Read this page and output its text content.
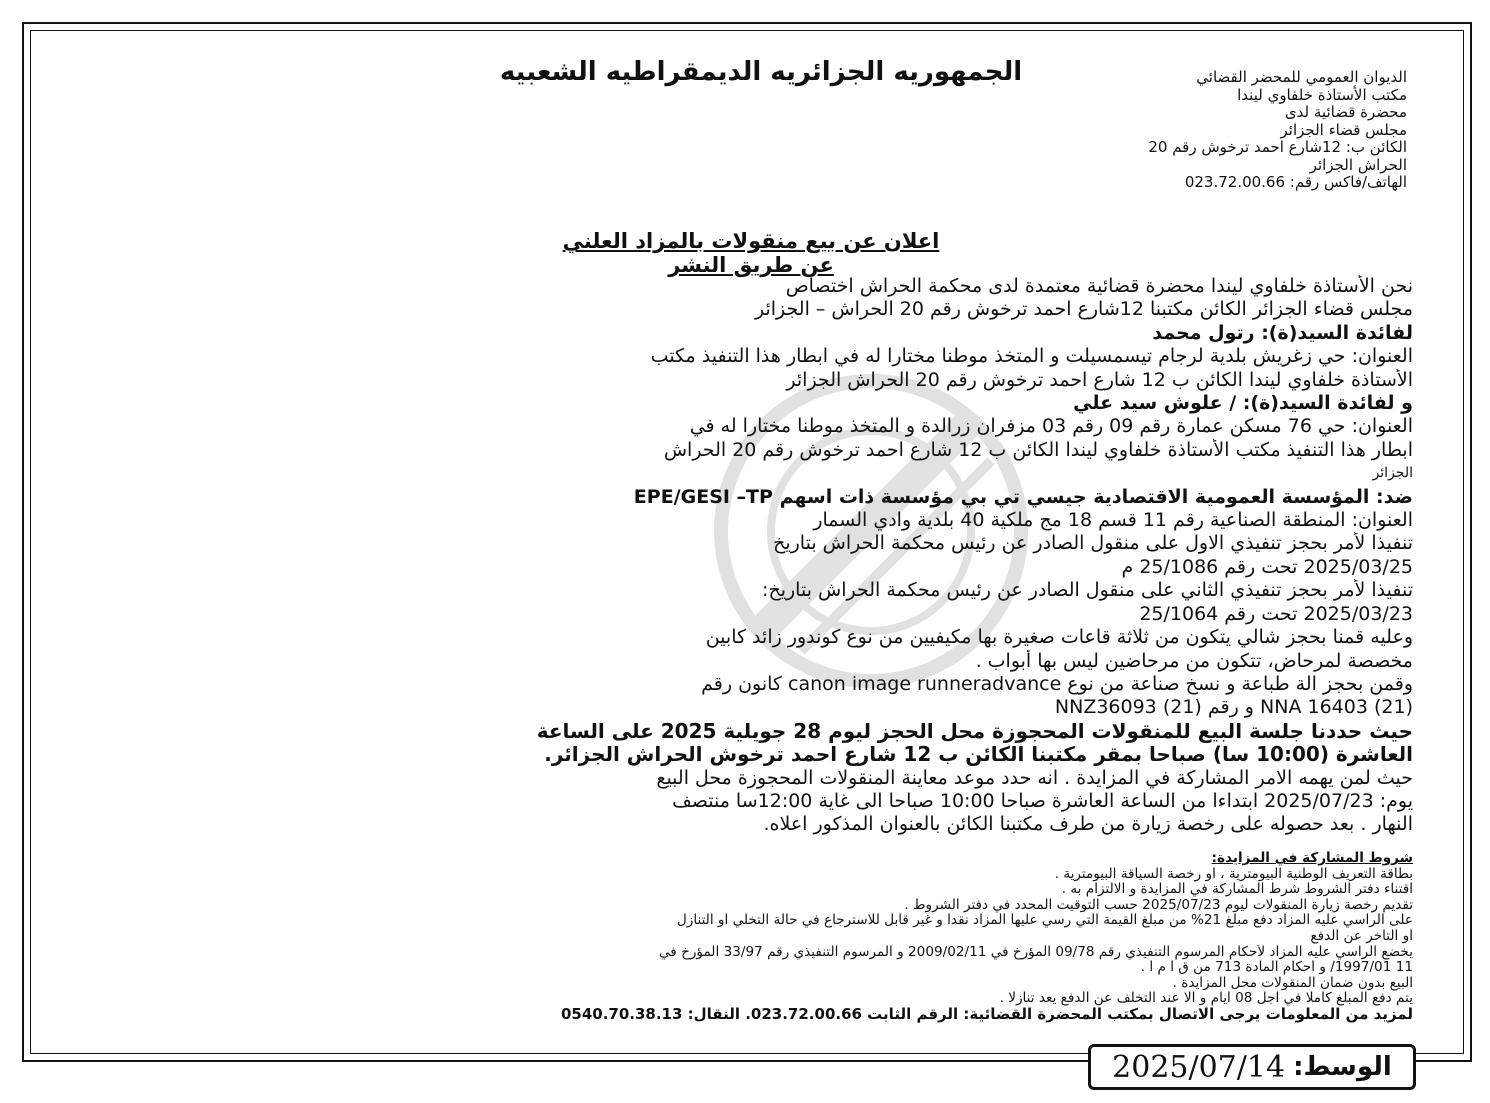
الجمهوريه الجزائريه الديمقراطيه الشعبيه	الديوان العمومي للمحضر القضائي
مكتب الأستاذة خلفاوي ليندا
محضرة قضائية لدى
مجلس قضاء الجزائر
الكائن ب: 12شارع احمد ترخوش رقم 20
الحراش الجزائر
الهاتف/فاكس رقم: 023.72.00.66
اعلان عن بيع منقولات بالمزاد العلني
عن طريق النشر

نحن الأستاذة خلفاوي ليندا محضرة قضائية معتمدة لدى محكمة الحراش اختصاص

مجلس قضاء الجزائر الكائن مكتبنا 12شارع احمد ترخوش رقم 20 الحراش – الجزائر

لفائدة السيد(ة): رتول محمد

العنوان: حي زغريش بلدية لرجام تيسمسيلت و المتخذ موطنا مختارا له في ابطار هذا التنفيذ مكتب

الأستاذة خلفاوي ليندا الكائن ب 12 شارع احمد ترخوش رقم 20 الحراش الجزائر

و لفائدة السيد(ة): / علوش سيد علي

العنوان: حي 76 مسكن عمارة رقم 09 رقم 03 مزفران زرالدة و المتخذ موطنا مختارا له في

ابطار هذا التنفيذ مكتب الأستاذة خلفاوي ليندا الكائن ب 12 شارع احمد ترخوش رقم 20 الحراش

الجزائر

ضد: المؤسسة العمومية الاقتصادية جيسي تي بي مؤسسة ذات اسهم EPE/GESI –TP

العنوان: المنطقة الصناعية رقم 11 قسم 18 مج ملكية 40 بلدية وادي السمار

تنفيذا لأمر بحجز تنفيذي الاول على منقول الصادر عن رئيس محكمة الحراش بتاريخ

2025/03/25 تحت رقم 25/1086 م

تنفيذا لأمر بحجز تنفيذي الثاني على منقول الصادر عن رئيس محكمة الحراش بتاريخ:

2025/03/23 تحت رقم 25/1064

وعليه قمنا بحجز شالي يتكون من ثلاثة قاعات صغيرة بها مكيفيين من نوع كوندور زائد كابين

مخصصة لمرحاض، تتكون من مرحاضين ليس بها أبواب .

وقمن بحجز الة طباعة و نسخ صناعة من نوع canon image runneradvance كانون رقم

(21) NNA 16403 و رقم NNZ36093 (21)

حيث حددنا جلسة البيع للمنقولات المحجوزة محل الحجز ليوم 28 جويلية 2025 على الساعة

العاشرة (10:00 سا) صباحا بمقر مكتبنا الكائن ب 12 شارع احمد ترخوش الحراش الجزائر.

حيث لمن يهمه الامر المشاركة في المزايدة . انه حدد موعد معاينة المنقولات المحجوزة محل البيع

يوم: 2025/07/23 ابتداءا من الساعة العاشرة صباحا 10:00 صباحا الى غاية 12:00سا منتصف

النهار . بعد حصوله على رخصة زيارة من طرف مكتبنا الكائن بالعنوان المذكور اعلاه.

شروط المشاركة في المزايدة:

بطاقة التعريف الوطنية البيومترية ، او رخصة السياقة البيومترية .

اقتناء دفتر الشروط شرط المشاركة في المزايدة و الالتزام به .

تقديم رخصة زيارة المنقولات ليوم 2025/07/23 حسب التوقيت المحدد في دفتر الشروط .

على الراسي عليه المزاد دفع مبلغ 21% من مبلغ القيمة التي رسي عليها المزاد نقدا و غير قابل للاسترجاع في حالة التخلي او التنازل

او التأخر عن الدفع

يخضع الراسي عليه المزاد لأحكام المرسوم التنفيذي رقم 09/78 المؤرخ في 2009/02/11 و المرسوم التنفيذي رقم 33/97 المؤرخ في

11 1997/01/ و أحكام المادة 713 من ق ا م ا .

البيع بدون ضمان المنقولات محل المزايدة .

يتم دفع المبلغ كاملا في اجل 08 ايام و الا عند التخلف عن الدفع يعد تنازلا .

لمزيد من المعلومات يرجى الاتصال بمكتب المحضرة القضائية: الرقم الثابت 023.72.00.66. النقال: 0540.70.38.13

الوسط:
2025/07/14
